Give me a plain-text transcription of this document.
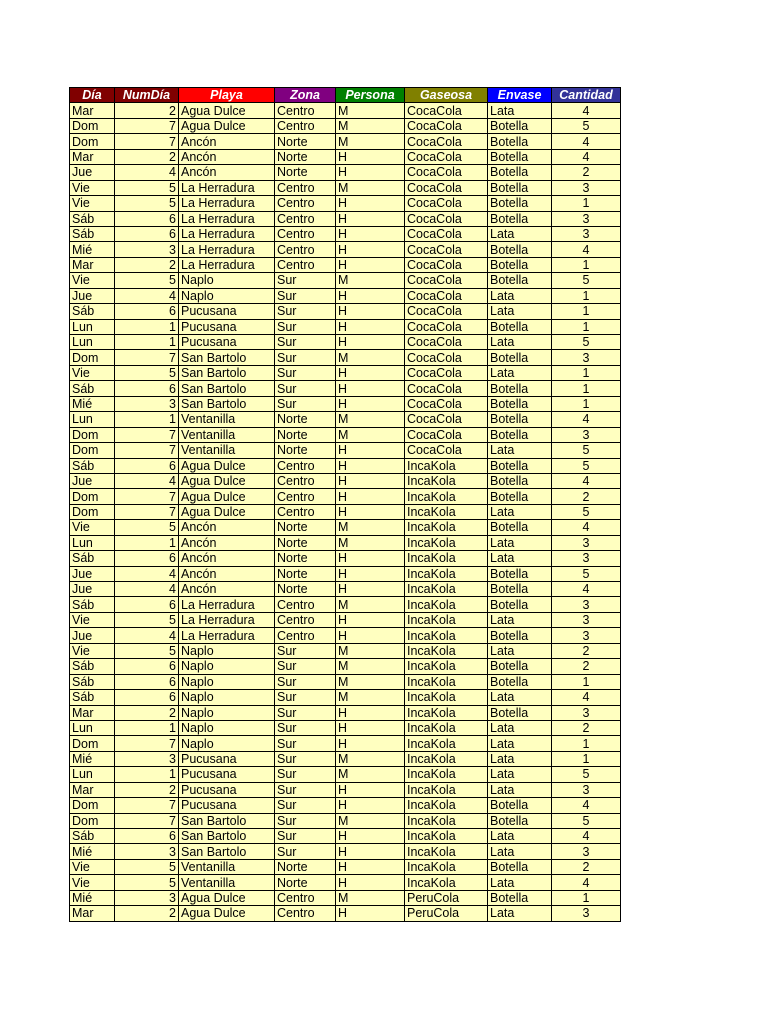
Día	NumDía	Playa	Zona	Persona	Gaseosa	Envase	Cantidad
Mar	2	Agua Dulce	Centro	M	CocaCola	Lata	4
Dom	7	Agua Dulce	Centro	M	CocaCola	Botella	5
Dom	7	Ancón	Norte	M	CocaCola	Botella	4
Mar	2	Ancón	Norte	H	CocaCola	Botella	4
Jue	4	Ancón	Norte	H	CocaCola	Botella	2
Vie	5	La Herradura	Centro	M	CocaCola	Botella	3
Vie	5	La Herradura	Centro	H	CocaCola	Botella	1
Sáb	6	La Herradura	Centro	H	CocaCola	Botella	3
Sáb	6	La Herradura	Centro	H	CocaCola	Lata	3
Mié	3	La Herradura	Centro	H	CocaCola	Botella	4
Mar	2	La Herradura	Centro	H	CocaCola	Botella	1
Vie	5	Naplo	Sur	M	CocaCola	Botella	5
Jue	4	Naplo	Sur	H	CocaCola	Lata	1
Sáb	6	Pucusana	Sur	H	CocaCola	Lata	1
Lun	1	Pucusana	Sur	H	CocaCola	Botella	1
Lun	1	Pucusana	Sur	H	CocaCola	Lata	5
Dom	7	San Bartolo	Sur	M	CocaCola	Botella	3
Vie	5	San Bartolo	Sur	H	CocaCola	Lata	1
Sáb	6	San Bartolo	Sur	H	CocaCola	Botella	1
Mié	3	San Bartolo	Sur	H	CocaCola	Botella	1
Lun	1	Ventanilla	Norte	M	CocaCola	Botella	4
Dom	7	Ventanilla	Norte	M	CocaCola	Botella	3
Dom	7	Ventanilla	Norte	H	CocaCola	Lata	5
Sáb	6	Agua Dulce	Centro	H	IncaKola	Botella	5
Jue	4	Agua Dulce	Centro	H	IncaKola	Botella	4
Dom	7	Agua Dulce	Centro	H	IncaKola	Botella	2
Dom	7	Agua Dulce	Centro	H	IncaKola	Lata	5
Vie	5	Ancón	Norte	M	IncaKola	Botella	4
Lun	1	Ancón	Norte	M	IncaKola	Lata	3
Sáb	6	Ancón	Norte	H	IncaKola	Lata	3
Jue	4	Ancón	Norte	H	IncaKola	Botella	5
Jue	4	Ancón	Norte	H	IncaKola	Botella	4
Sáb	6	La Herradura	Centro	M	IncaKola	Botella	3
Vie	5	La Herradura	Centro	H	IncaKola	Lata	3
Jue	4	La Herradura	Centro	H	IncaKola	Botella	3
Vie	5	Naplo	Sur	M	IncaKola	Lata	2
Sáb	6	Naplo	Sur	M	IncaKola	Botella	2
Sáb	6	Naplo	Sur	M	IncaKola	Botella	1
Sáb	6	Naplo	Sur	M	IncaKola	Lata	4
Mar	2	Naplo	Sur	H	IncaKola	Botella	3
Lun	1	Naplo	Sur	H	IncaKola	Lata	2
Dom	7	Naplo	Sur	H	IncaKola	Lata	1
Mié	3	Pucusana	Sur	M	IncaKola	Lata	1
Lun	1	Pucusana	Sur	M	IncaKola	Lata	5
Mar	2	Pucusana	Sur	H	IncaKola	Lata	3
Dom	7	Pucusana	Sur	H	IncaKola	Botella	4
Dom	7	San Bartolo	Sur	M	IncaKola	Botella	5
Sáb	6	San Bartolo	Sur	H	IncaKola	Lata	4
Mié	3	San Bartolo	Sur	H	IncaKola	Lata	3
Vie	5	Ventanilla	Norte	H	IncaKola	Botella	2
Vie	5	Ventanilla	Norte	H	IncaKola	Lata	4
Mié	3	Agua Dulce	Centro	M	PeruCola	Botella	1
Mar	2	Agua Dulce	Centro	H	PeruCola	Lata	3
